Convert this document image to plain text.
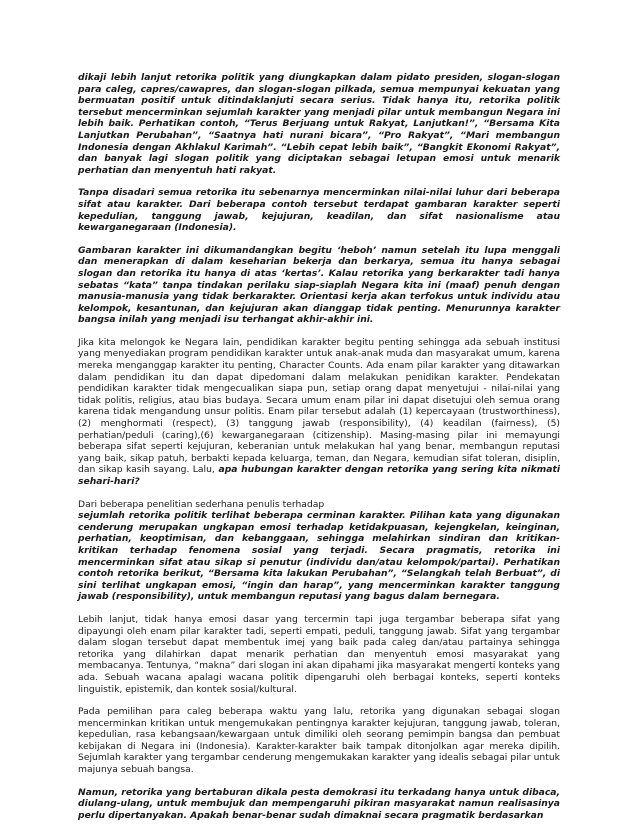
dikaji lebih lanjut retorika politik yang diungkapkan dalam pidato presiden, slogan-slogan para caleg, capres/cawapres, dan slogan-slogan pilkada, semua mempunyai kekuatan yang bermuatan positif untuk ditindaklanjuti secara serius. Tidak hanya itu, retorika politik tersebut mencerminkan sejumlah karakter yang menjadi pilar untuk membangun Negara ini lebih baik. Perhatikan contoh, “Terus Berjuang untuk Rakyat, Lanjutkan!”, “Bersama Kita Lanjutkan Perubahan”, “Saatnya hati nurani bicara”, “Pro Rakyat”, “Mari membangun Indonesia dengan Akhlakul Karimah”. “Lebih cepat lebih baik”, “Bangkit Ekonomi Rakyat”, dan banyak lagi slogan politik yang diciptakan sebagai letupan emosi untuk menarik perhatian dan menyentuh hati rakyat.

Tanpa disadari semua retorika itu sebenarnya mencerminkan nilai-nilai luhur dari beberapa sifat atau karakter. Dari beberapa contoh tersebut terdapat gambaran karakter seperti kepedulian, tanggung jawab, kejujuran, keadilan, dan sifat nasionalisme atau kewarganegaraan (Indonesia).

Gambaran karakter ini dikumandangkan begitu ‘heboh’ namun setelah itu lupa menggali dan menerapkan di dalam keseharian bekerja dan berkarya, semua itu hanya sebagai slogan dan retorika itu hanya di atas ‘kertas’. Kalau retorika yang berkarakter tadi hanya sebatas “kata” tanpa tindakan perilaku siap-siaplah Negara kita ini (maaf) penuh dengan manusia-manusia yang tidak berkarakter. Orientasi kerja akan terfokus untuk individu atau kelompok, kesantunan, dan kejujuran akan dianggap tidak penting. Menurunnya karakter bangsa inilah yang menjadi isu terhangat akhir-akhir ini.

Jika kita melongok ke Negara lain, pendidikan karakter begitu penting sehingga ada sebuah institusi yang menyediakan program pendidikan karakter untuk anak-anak muda dan masyarakat umum, karena mereka menganggap karakter itu penting, Character Counts. Ada enam pilar karakter yang ditawarkan dalam pendidikan itu dan dapat dipedomani dalam melakukan penidikan karakter. Pendekatan pendidikan karakter tidak mengecualikan siapa pun, setiap orang dapat menyetujui - nilai-nilai yang tidak politis, religius, atau bias budaya. Secara umum enam pilar ini dapat disetujui oleh semua orang karena tidak mengandung unsur politis. Enam pilar tersebut adalah (1) kepercayaan (trustworthiness), (2) menghormati (respect), (3) tanggung jawab (responsibility), (4) keadilan (fairness), (5) perhatian/peduli (caring),(6) kewarganegaraan (citizenship). Masing-masing pilar ini memayungi beberapa sifat seperti kejujuran, keberanian untuk melakukan hal yang benar, membangun reputasi yang baik, sikap patuh, berbakti kepada keluarga, teman, dan Negara, kemudian sifat toleran, disiplin, dan sikap kasih sayang. Lalu, apa hubungan karakter dengan retorika yang sering kita nikmati sehari-hari?

Dari beberapa penelitian sederhana penulis terhadap

sejumlah retorika politik terlihat beberapa cerminan karakter. Pilihan kata yang digunakan cenderung merupakan ungkapan emosi terhadap ketidakpuasan, kejengkelan, keinginan, perhatian, keoptimisan, dan kebanggaan, sehingga melahirkan sindiran dan kritikan-kritikan terhadap fenomena sosial yang terjadi. Secara pragmatis, retorika ini mencerminkan sifat atau sikap si penutur (individu dan/atau kelompok/partai). Perhatikan contoh retorika berikut, “Bersama kita lakukan Perubahan”, “Selangkah telah Berbuat”, di sini terlihat ungkapan emosi, “ingin dan harap”, yang mencerminkan karakter tanggung jawab (responsibility), untuk membangun reputasi yang bagus dalam bernegara.

Lebih lanjut, tidak hanya emosi dasar yang tercermin tapi juga tergambar beberapa sifat yang dipayungi oleh enam pilar karakter tadi, seperti empati, peduli, tanggung jawab. Sifat yang tergambar dalam slogan tersebut dapat membentuk imej yang baik pada caleg dan/atau partainya sehingga retorika yang dilahirkan dapat menarik perhatian dan menyentuh emosi masyarakat yang membacanya. Tentunya, “makna” dari slogan ini akan dipahami jika masyarakat mengerti konteks yang ada. Sebuah wacana apalagi wacana politik dipengaruhi oleh berbagai konteks, seperti konteks linguistik, epistemik, dan kontek sosial/kultural.

Pada pemilihan para caleg beberapa waktu yang lalu, retorika yang digunakan sebagai slogan mencerminkan kritikan untuk mengemukakan pentingnya karakter kejujuran, tanggung jawab, toleran, kepedulian, rasa kebangsaan/kewargaan untuk dimiliki oleh seorang pemimpin bangsa dan pembuat kebijakan di Negara ini (Indonesia). Karakter-karakter baik tampak ditonjolkan agar mereka dipilih. Sejumlah karakter yang tergambar cenderung mengemukakan karakter yang idealis sebagai pilar untuk majunya sebuah bangsa.

Namun, retorika yang bertaburan dikala pesta demokrasi itu terkadang hanya untuk dibaca, diulang-ulang, untuk membujuk dan mempengaruhi pikiran masyarakat namun realisasinya perlu dipertanyakan. Apakah benar-benar sudah dimaknai secara pragmatik berdasarkan
